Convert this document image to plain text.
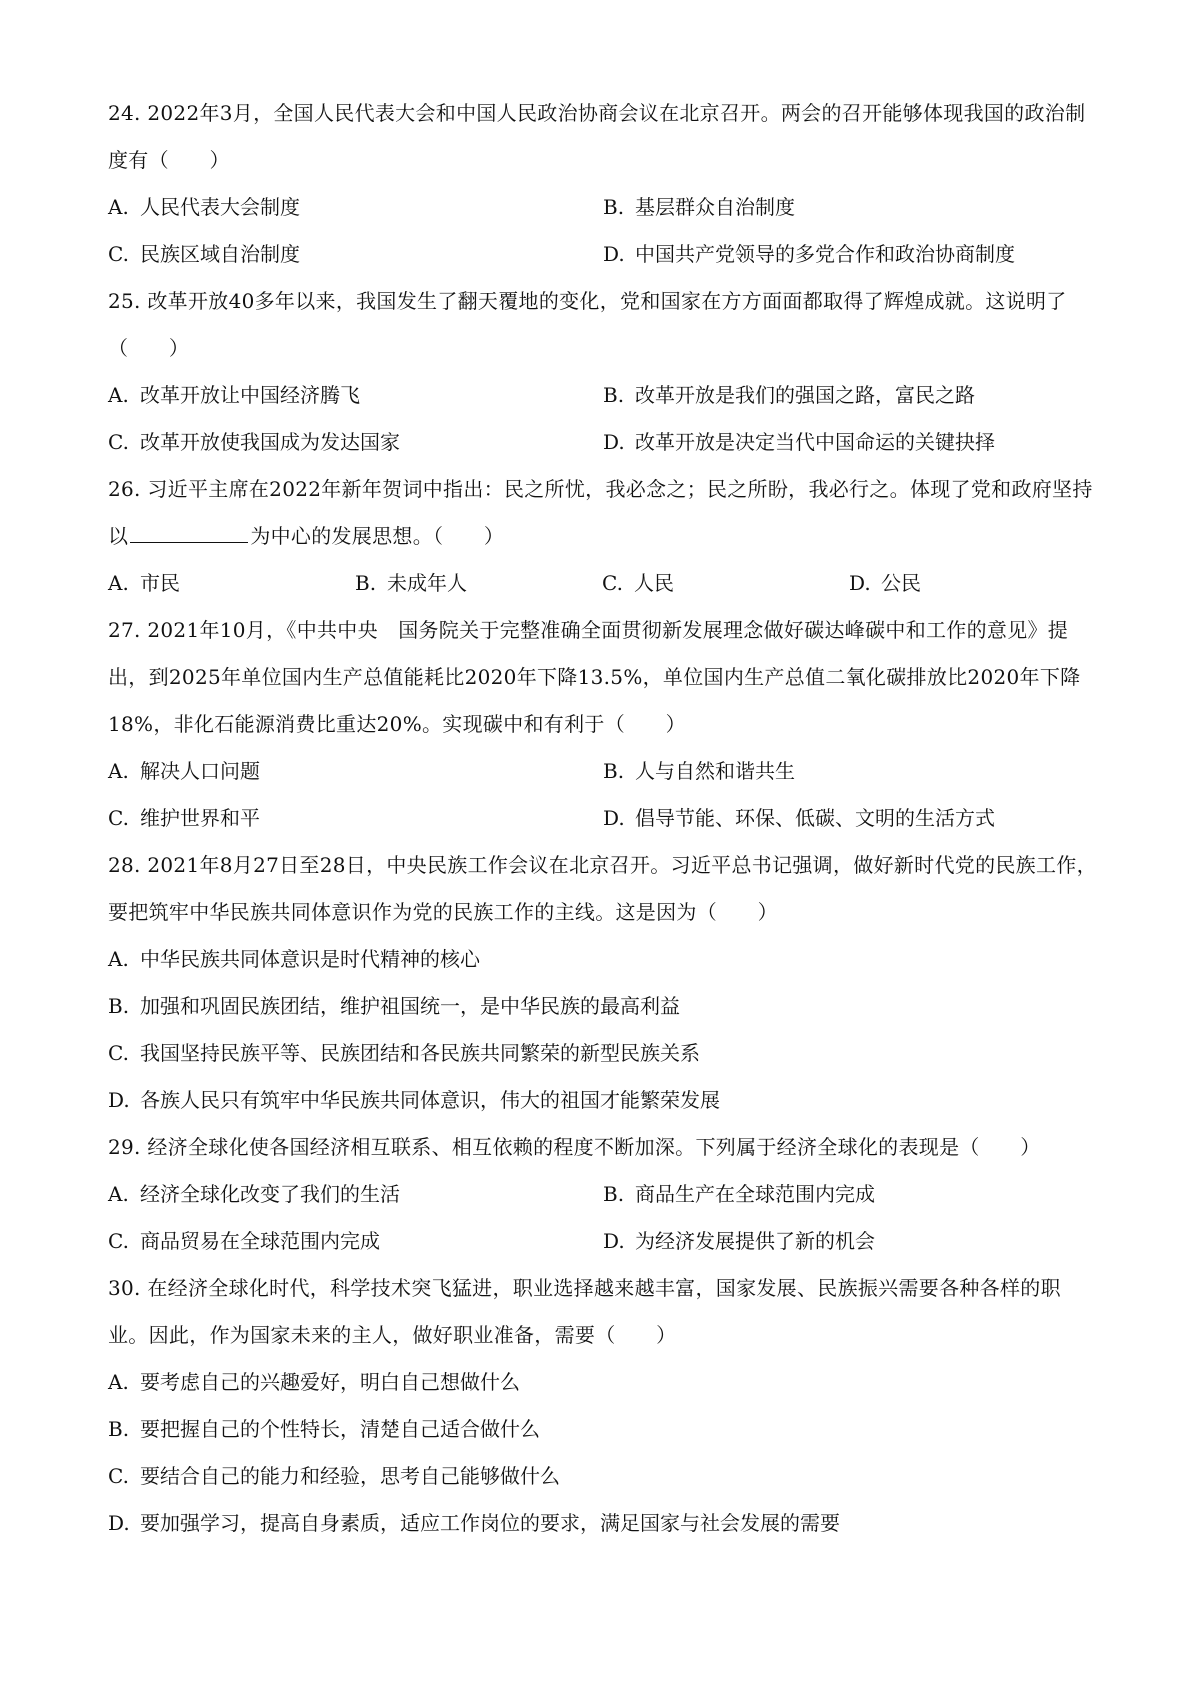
24. 2022年3月，全国人民代表大会和中国人民政治协商会议在北京召开。两会的召开能够体现我国的政治制度有（　　）

A. 人民代表大会制度	B. 基层群众自治制度
C. 民族区域自治制度	D. 中国共产党领导的多党合作和政治协商制度

25. 改革开放40多年以来，我国发生了翻天覆地的变化，党和国家在方方面面都取得了辉煌成就。这说明了（　　）

A. 改革开放让中国经济腾飞	B. 改革开放是我们的强国之路，富民之路
C. 改革开放使我国成为发达国家	D. 改革开放是决定当代中国命运的关键抉择

26. 习近平主席在2022年新年贺词中指出：民之所忧，我必念之；民之所盼，我必行之。体现了党和政府坚持以	为中心的发展思想。（　　）

A. 市民	B. 未成年人	C. 人民	D. 公民

27. 2021年10月，《中共中央　国务院关于完整准确全面贯彻新发展理念做好碳达峰碳中和工作的意见》提出，到2025年单位国内生产总值能耗比2020年下降13.5%，单位国内生产总值二氧化碳排放比2020年下降18%，非化石能源消费比重达20%。实现碳中和有利于（　　）

A. 解决人口问题	B. 人与自然和谐共生
C. 维护世界和平	D. 倡导节能、环保、低碳、文明的生活方式

28. 2021年8月27日至28日，中央民族工作会议在北京召开。习近平总书记强调，做好新时代党的民族工作，要把筑牢中华民族共同体意识作为党的民族工作的主线。这是因为（　　）

A. 中华民族共同体意识是时代精神的核心
B. 加强和巩固民族团结，维护祖国统一，是中华民族的最高利益
C. 我国坚持民族平等、民族团结和各民族共同繁荣的新型民族关系
D. 各族人民只有筑牢中华民族共同体意识，伟大的祖国才能繁荣发展

29. 经济全球化使各国经济相互联系、相互依赖的程度不断加深。下列属于经济全球化的表现是（　　）

A. 经济全球化改变了我们的生活	B. 商品生产在全球范围内完成
C. 商品贸易在全球范围内完成	D. 为经济发展提供了新的机会

30. 在经济全球化时代，科学技术突飞猛进，职业选择越来越丰富，国家发展、民族振兴需要各种各样的职业。因此，作为国家未来的主人，做好职业准备，需要（　　）

A. 要考虑自己的兴趣爱好，明白自己想做什么
B. 要把握自己的个性特长，清楚自己适合做什么
C. 要结合自己的能力和经验，思考自己能够做什么
D. 要加强学习，提高自身素质，适应工作岗位的要求，满足国家与社会发展的需要
